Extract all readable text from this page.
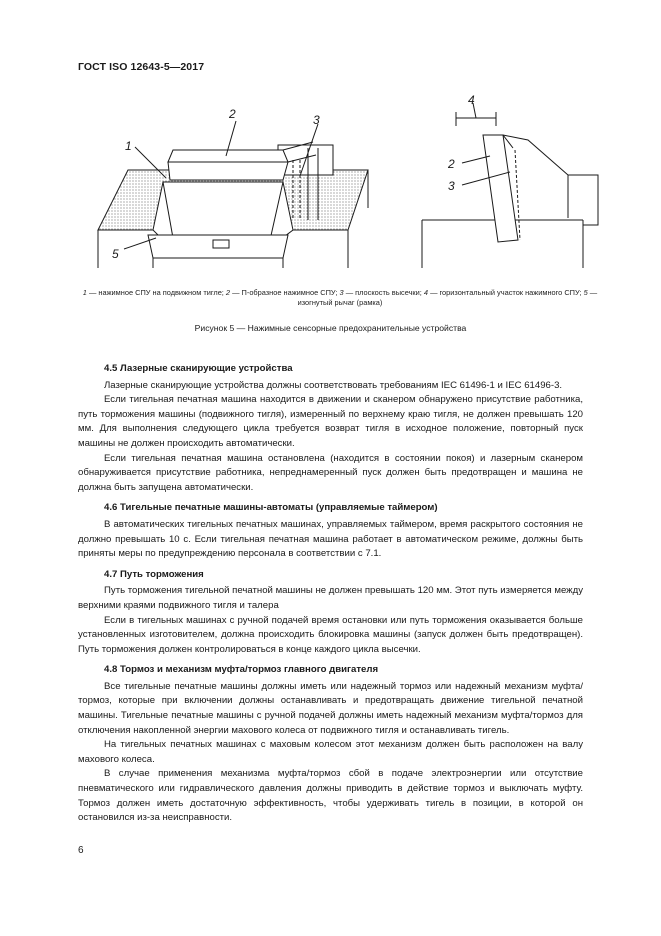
ГОСТ ISO 12643-5—2017
1
2	3
5
4
2
3
1 — нажимное СПУ на подвижном тигле; 2 — П-образное нажимное СПУ; 3 — плоскость высечки; 4 — горизонтальный участок нажимного СПУ; 5 — изогнутый рычаг (рамка)
Рисунок 5 — Нажимные сенсорные предохранительные устройства
4.5 Лазерные сканирующие устройства

Лазерные сканирующие устройства должны соответствовать требованиям IEC 61496-1 и IEC 61496-3.

Если тигельная печатная машина находится в движении и сканером обнаружено присутствие работника, путь торможения машины (подвижного тигля), измеренный по верхнему краю тигля, не должен превышать 120 мм. Для выполнения следующего цикла требуется возврат тигля в исходное положение, повторный пуск машины не должен происходить автоматически.

Если тигельная печатная машина остановлена (находится в состоянии покоя) и лазерным сканером обнаруживается присутствие работника, непреднамеренный пуск должен быть предотвращен и машина не должна быть запущена автоматически.

4.6 Тигельные печатные машины-автоматы (управляемые таймером)

В автоматических тигельных печатных машинах, управляемых таймером, время раскрытого состояния не должно превышать 10 с. Если тигельная печатная машина работает в автоматическом режиме, должны быть приняты меры по предупреждению персонала в соответствии с 7.1.

4.7 Путь торможения

Путь торможения тигельной печатной машины не должен превышать 120 мм. Этот путь измеряется между верхними краями подвижного тигля и талера

Если в тигельных машинах с ручной подачей время остановки или путь торможения оказывается больше установленных изготовителем, должна происходить блокировка машины (запуск должен быть предотвращен). Путь торможения должен контролироваться в конце каждого цикла высечки.

4.8 Тормоз и механизм муфта/тормоз главного двигателя

Все тигельные печатные машины должны иметь или надежный тормоз или надежный механизм муфта/тормоз, которые при включении должны останавливать и предотвращать движение тигельной печатной машины. Тигельные печатные машины с ручной подачей должны иметь надежный механизм муфта/тормоз для отключения накопленной энергии махового колеса от подвижного тигля и останавливать тигель.

На тигельных печатных машинах с маховым колесом этот механизм должен быть расположен на валу махового колеса.

В случае применения механизма муфта/тормоз сбой в подаче электроэнергии или отсутствие пневматического или гидравлического давления должны приводить в действие тормоз и выключать муфту. Тормоз должен иметь достаточную эффективность, чтобы удерживать тигель в позиции, в которой он остановился из-за неисправности.

6
